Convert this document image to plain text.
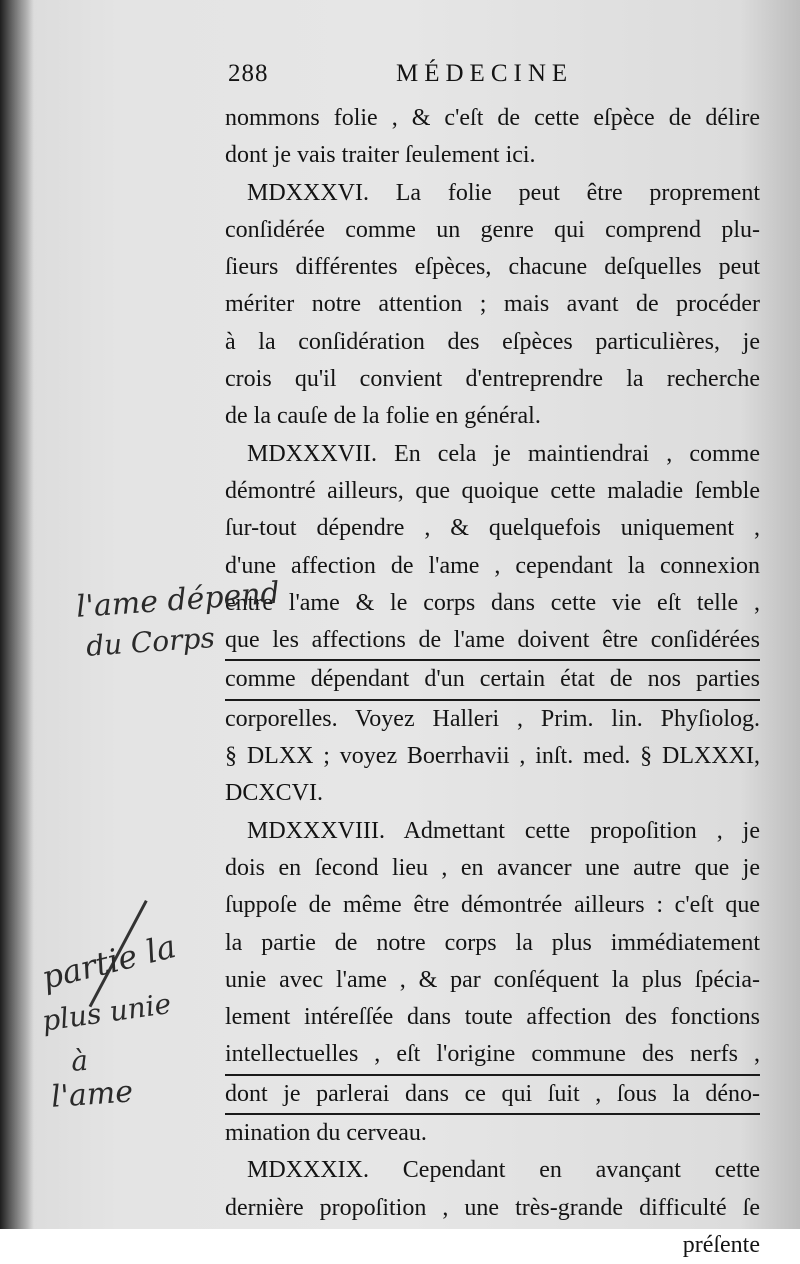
288	MÉDECINE
nommons folie , & c'eſt de cette eſpèce de délire
dont je vais traiter ſeulement ici.
MDXXXVI. La folie peut être proprement
conſidérée comme un genre qui comprend plu-
ſieurs différentes eſpèces, chacune deſquelles peut
mériter notre attention ; mais avant de procéder
à la conſidération des eſpèces particulières, je
crois qu'il convient d'entreprendre la recherche
de la cauſe de la folie en général.
MDXXXVII. En cela je maintiendrai , comme
démontré ailleurs, que quoique cette maladie ſemble
ſur-tout dépendre , & quelquefois uniquement ,
d'une affection de l'ame , cependant la connexion
entre l'ame & le corps dans cette vie eſt telle ,
que les affections de l'ame doivent être conſidérées
comme dépendant d'un certain état de nos parties
corporelles. Voyez Halleri , Prim. lin. Phyſiolog.
§ DLXX ; voyez Boerrhavii , inſt. med. § DLXXXI,
DCXCVI.
MDXXXVIII. Admettant cette propoſition , je
dois en ſecond lieu , en avancer une autre que je
ſuppoſe de même être démontrée ailleurs : c'eſt que
la partie de notre corps la plus immédiatement
unie avec l'ame , & par conſéquent la plus ſpécia-
lement intéreſſée dans toute affection des fonctions
intellectuelles , eſt l'origine commune des nerfs ,
dont je parlerai dans ce qui ſuit , ſous la déno-
mination du cerveau.
MDXXXIX. Cependant en avançant cette
dernière propoſition , une très-grande difficulté ſe
préſente
l'ame dépend
du Corps
partie la
plus unie
à
l'ame
